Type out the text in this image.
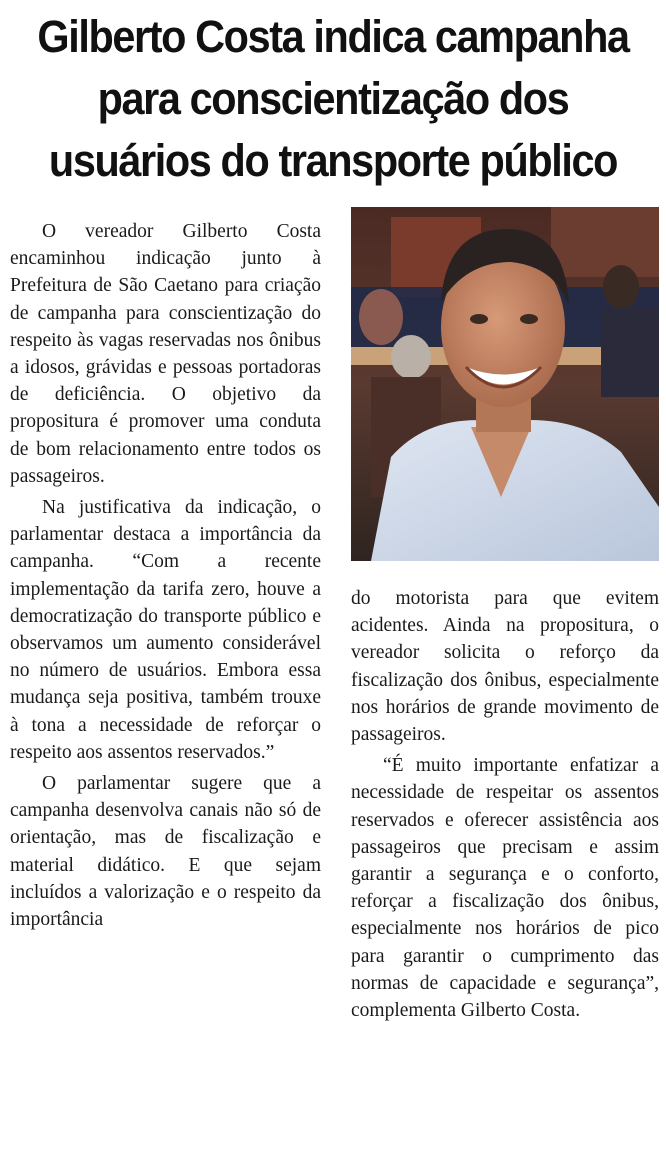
Gilberto Costa indica campanha para conscientização dos usuários do transporte público

O vereador Gilberto Costa encaminhou indicação junto à Prefeitura de São Caetano para criação de campanha para conscientização do respeito às vagas reservadas nos ônibus a idosos, grávidas e pessoas portadoras de deficiência. O objetivo da propositura é promover uma conduta de bom relacionamento entre todos os passageiros.

Na justificativa da indicação, o parlamentar destaca a importância da campanha. “Com a recente implementação da tarifa zero, houve a democratização do transporte público e observamos um aumento considerável no número de usuários. Embora essa mudança seja positiva, também trouxe à tona a necessidade de reforçar o respeito aos assentos reservados.”

O parlamentar sugere que a campanha desenvolva canais não só de orientação, mas de fiscalização e material didático. E que sejam incluídos a valorização e o respeito da importância

do motorista para que evitem acidentes. Ainda na propositura, o vereador solicita o reforço da fiscalização dos ônibus, especialmente nos horários de grande movimento de passageiros.

“É muito importante enfatizar a necessidade de respeitar os assentos reservados e oferecer assistência aos passageiros que precisam e assim garantir a segurança e o conforto, reforçar a fiscalização dos ônibus, especialmente nos horários de pico para garantir o cumprimento das normas de capacidade e segurança”, complementa Gilberto Costa.
